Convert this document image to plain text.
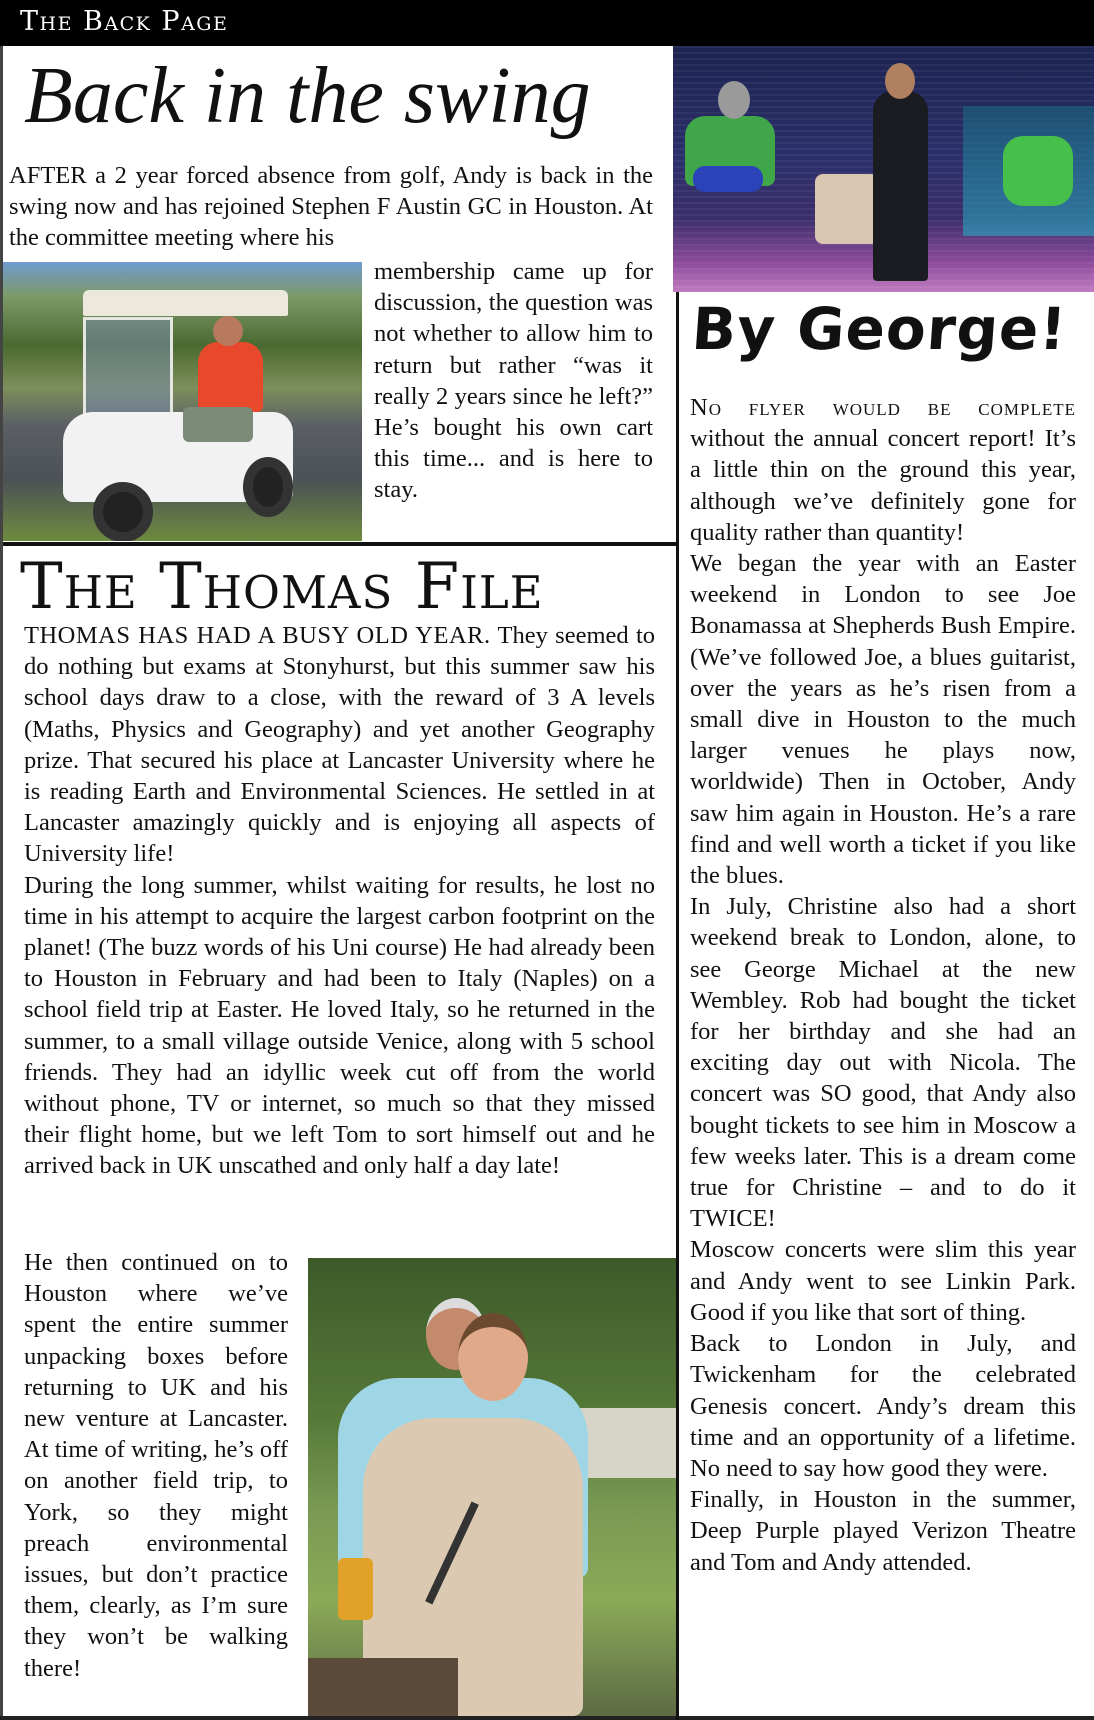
The Back Page
Back in the swing

AFTER a 2 year forced absence from golf, Andy is back in the swing now and has rejoined Stephen F Austin GC in Houston. At the committee meeting where his

membership came up for discussion, the question was not whether to allow him to return but rather “was it really 2 years since he left?” He’s bought his own cart this time... and is here to stay.

By George!

No flyer would be complete without the annual concert report! It’s a little thin on the ground this year, although we’ve definitely gone for quality rather than quantity!

We began the year with an Easter weekend in London to see Joe Bonamassa at Shepherds Bush Empire. (We’ve followed Joe, a blues guitarist, over the years as he’s risen from a small dive in Houston to the much larger venues he plays now, worldwide) Then in October, Andy saw him again in Houston. He’s a rare find and well worth a ticket if you like the blues.

In July, Christine also had a short weekend break to London, alone, to see George Michael at the new Wembley. Rob had bought the ticket for her birthday and she had an exciting day out with Nicola. The concert was SO good, that Andy also bought tickets to see him in Moscow a few weeks later. This is a dream come true for Christine – and to do it TWICE!

Moscow concerts were slim this year and Andy went to see Linkin Park. Good if you like that sort of thing.

Back to London in July, and Twickenham for the celebrated Genesis concert. Andy’s dream this time and an opportunity of a lifetime. No need to say how good they were.

Finally, in Houston in the summer, Deep Purple played Verizon Theatre and Tom and Andy attended.

The Thomas File

THOMAS HAS HAD A BUSY OLD YEAR. They seemed to do nothing but exams at Stonyhurst, but this summer saw his school days draw to a close, with the reward of 3 A levels (Maths, Physics and Geography) and yet another Geography prize. That secured his place at Lancaster University where he is reading Earth and Environmental Sciences. He settled in at Lancaster amazingly quickly and is enjoying all aspects of University life!

During the long summer, whilst waiting for results, he lost no time in his attempt to acquire the largest carbon footprint on the planet! (The buzz words of his Uni course) He had already been to Houston in February and had been to Italy (Naples) on a school field trip at Easter. He loved Italy, so he returned in the summer, to a small village outside Venice, along with 5 school friends. They had an idyllic week cut off from the world without phone, TV or internet, so much so that they missed their flight home, but we left Tom to sort himself out and he arrived back in UK unscathed and only half a day late!

He then continued on to Houston where we’ve spent the entire summer unpacking boxes before returning to UK and his new venture at Lancaster. At time of writing, he’s off on another field trip, to York, so they might preach environmental issues, but don’t practice them, clearly, as I’m sure they won’t be walking there!
